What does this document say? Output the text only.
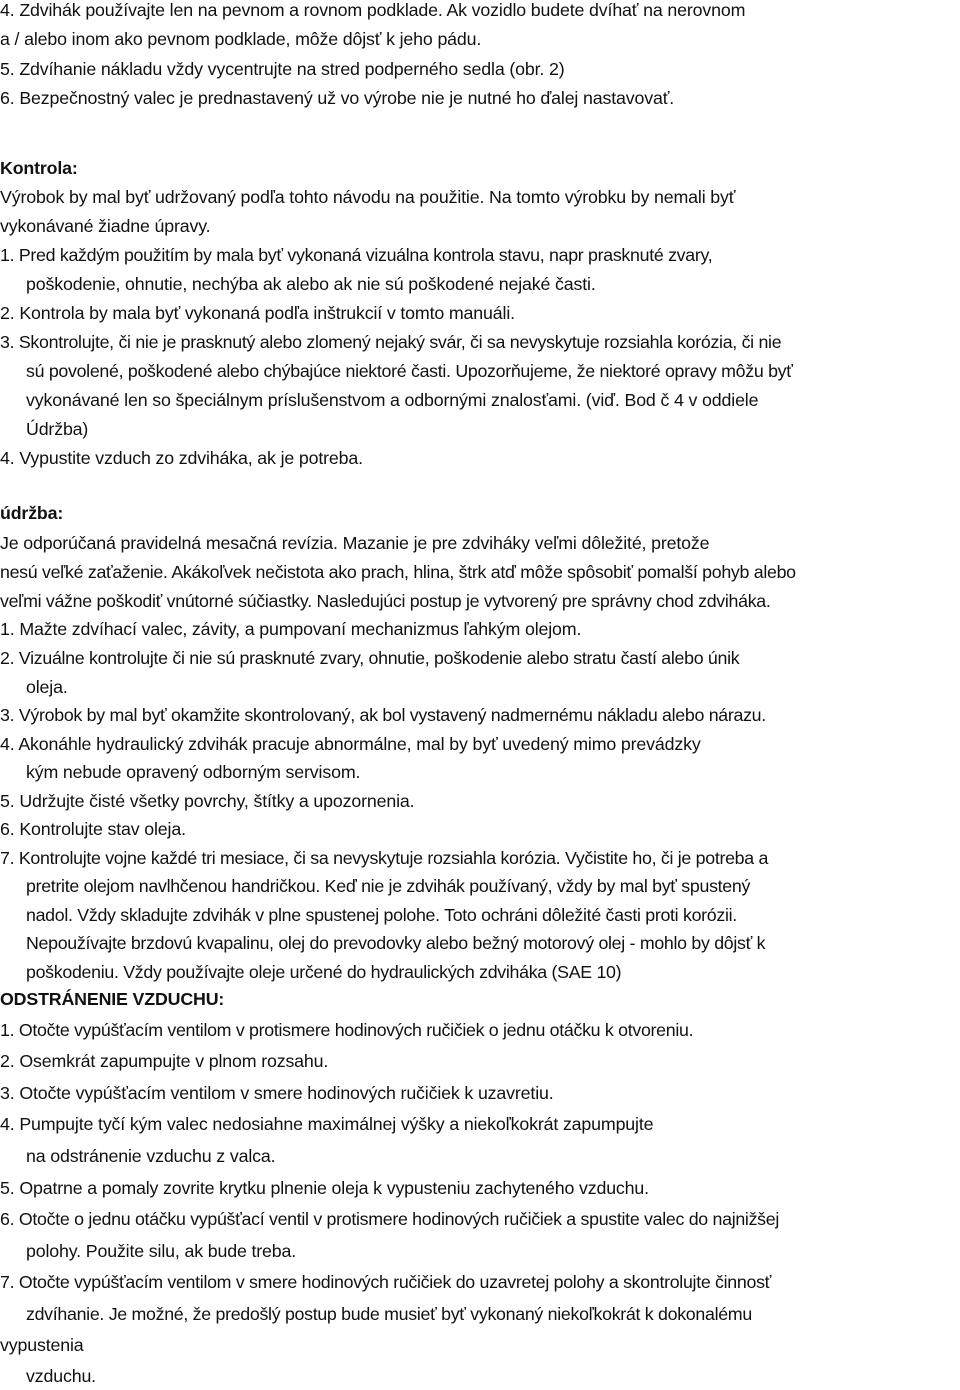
4. Zdvihák používajte len na pevnom a rovnom podklade. Ak vozidlo budete dvíhať na nerovnom
a / alebo inom ako pevnom podklade, môže dôjsť k jeho pádu.
5. Zdvíhanie nákladu vždy vycentrujte na stred podperného sedla (obr. 2)
6. Bezpečnostný valec je prednastavený už vo výrobe nie je nutné ho ďalej nastavovať.
Kontrola:
Výrobok by mal byť udržovaný podľa tohto návodu na použitie. Na tomto výrobku by nemali byť
vykonávané žiadne úpravy.
1. Pred každým použitím by mala byť vykonaná vizuálna kontrola stavu, napr prasknuté zvary,
poškodenie, ohnutie, nechýba ak alebo ak nie sú poškodené nejaké časti.
2. Kontrola by mala byť vykonaná podľa inštrukcií v tomto manuáli.
3. Skontrolujte, či nie je prasknutý alebo zlomený nejaký svár, či sa nevyskytuje rozsiahla korózia, či nie
sú povolené, poškodené alebo chýbajúce niektoré časti. Upozorňujeme, že niektoré opravy môžu byť
vykonávané len so špeciálnym príslušenstvom a odbornými znalosťami. (viď. Bod č 4 v oddiele
Údržba)
4. Vypustite vzduch zo zdviháka, ak je potreba.
údržba:
Je odporúčaná pravidelná mesačná revízia. Mazanie je pre zdviháky veľmi dôležité, pretože
nesú veľké zaťaženie. Akákoľvek nečistota ako prach, hlina, štrk atď môže spôsobiť pomalší pohyb alebo
veľmi vážne poškodiť vnútorné súčiastky. Nasledujúci postup je vytvorený pre správny chod zdviháka.
1. Mažte zdvíhací valec, závity, a pumpovaní mechanizmus ľahkým olejom.
2. Vizuálne kontrolujte či nie sú prasknuté zvary, ohnutie, poškodenie alebo stratu častí alebo únik
oleja.
3. Výrobok by mal byť okamžite skontrolovaný, ak bol vystavený nadmernému nákladu alebo nárazu.
4. Akonáhle hydraulický zdvihák pracuje abnormálne, mal by byť uvedený mimo prevádzky
kým nebude opravený odborným servisom.
5. Udržujte čisté všetky povrchy, štítky a upozornenia.
6. Kontrolujte stav oleja.
7. Kontrolujte vojne každé tri mesiace, či sa nevyskytuje rozsiahla korózia. Vyčistite ho, či je potreba a
pretrite olejom navlhčenou handričkou. Keď nie je zdvihák používaný, vždy by mal byť spustený
nadol. Vždy skladujte zdvihák v plne spustenej polohe. Toto ochráni dôležité časti proti korózii.
Nepoužívajte brzdovú kvapalinu, olej do prevodovky alebo bežný motorový olej - mohlo by dôjsť k
poškodeniu. Vždy používajte oleje určené do hydraulických zdviháka (SAE 10)
ODSTRÁNENIE VZDUCHU:
1. Otočte vypúšťacím ventilom v protismere hodinových ručičiek o jednu otáčku k otvoreniu.
2. Osemkrát zapumpujte v plnom rozsahu.
3. Otočte vypúšťacím ventilom v smere hodinových ručičiek k uzavretiu.
4. Pumpujte tyčí kým valec nedosiahne maximálnej výšky a niekoľkokrát zapumpujte
na odstránenie vzduchu z valca.
5. Opatrne a pomaly zovrite krytku plnenie oleja k vypusteniu zachyteného vzduchu.
6. Otočte o jednu otáčku vypúšťací ventil v protismere hodinových ručičiek a spustite valec do najnižšej
polohy. Použite silu, ak bude treba.
7. Otočte vypúšťacím ventilom v smere hodinových ručičiek do uzavretej polohy a skontrolujte činnosť
zdvíhanie. Je možné, že predošlý postup bude musieť byť vykonaný niekoľkokrát k dokonalému
vypustenia
vzduchu.
